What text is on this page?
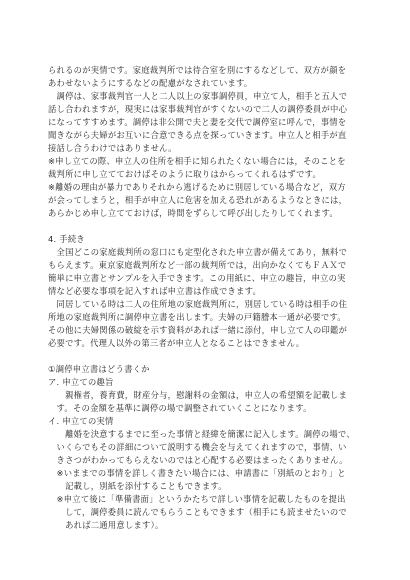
られるのが実情です。家庭裁判所では待合室を別にするなどして、双方が顔を
あわせないようにするなどの配慮がなされています。
　調停は、家事裁判官一人と二人以上の家事調停員，申立て人，相手と五人で
話し合われますが，現実には家事裁判官がすくないので二人の調停委員が中心
になってすすめます。調停は非公開で夫と妻を交代で調停室に呼んで，事情を
聞きながら夫婦がお互いに合意できる点を探っていきます。申立人と相手が直
接話し合うわけではありません。
※申し立ての際、申立人の住所を相手に知られたくない場合には，そのことを
裁判所に申し立てておけばそのように取りはからってくれるはずです。
※離婚の理由が暴力でありそれから逃げるために別居している場合など，双方
が会ってしまうと，相手が申立人に危害を加える恐れがあるようなときには，
あらかじめ申し立てておけば，時間をずらして呼び出したりしてくれます。
4. 手続き
　全国どこの家庭裁判所の窓口にも定型化された申立書が備えてあり，無料で
もらえます。東京家庭裁判所など一部の裁判所では，出向かなくてもＦＡＸで
簡単に申立書とサンプルを入手できます。この用紙に、申立の趣旨，申立の実
情など必要な事項を記入すれば申立書は作成できます。
　同居している時は二人の住所地の家庭裁判所に，別居している時は相手の住
所地の家庭裁判所に調停申立書を出します。夫婦の戸籍謄本一通が必要です。
その他に夫婦関係の破綻を示す資料があれば一緒に添付，申し立て人の印鑑が
必要です。代理人以外の第三者が申立人となることはできません。
①調停申立書はどう書くか
ア. 申立ての趣旨
　　親権者，養育費，財産分与，慰謝料の金額は，申立人の希望額を記載しま
　す。その金額を基準に調停の場で調整されていくことになります。
イ. 申立ての実情
　　離婚を決意するまでに至った事情と経緯を簡潔に記入します。調停の場で、
　いくらでもその詳細について説明する機会を与えてくれますので，事情、い
　きさつがわかってもらえないのではと心配する必要はまったくありません。
　※いままでの事情を詳しく書きたい場合には、申請書に「別紙のとおり」と
　　記載し，別紙を添付することもできます。
　※申立て後に「準備書面」というかたちで詳しい事情を記載したものを提出
　　して，調停委員に読んでもらうこともできます（相手にも読ませたいので
　　あれば二通用意します）。
